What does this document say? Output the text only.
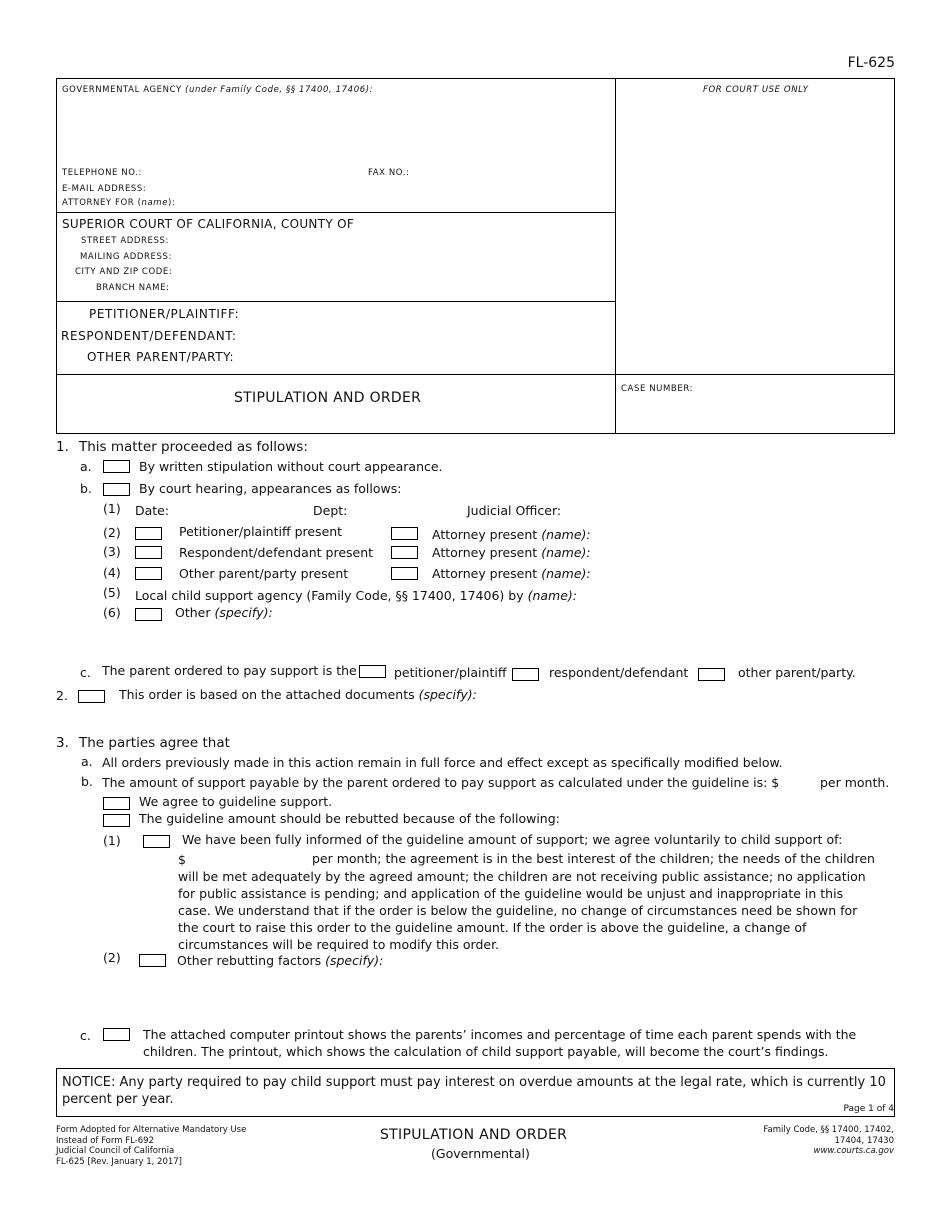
FL-625
GOVERNMENTAL AGENCY (under Family Code, §§ 17400, 17406):	FOR COURT USE ONLY
TELEPHONE NO.:	FAX NO.:
E-MAIL ADDRESS:
ATTORNEY FOR (name):
SUPERIOR COURT OF CALIFORNIA, COUNTY OF
STREET ADDRESS:
MAILING ADDRESS:
CITY AND ZIP CODE:
BRANCH NAME:
PETITIONER/PLAINTIFF:
RESPONDENT/DEFENDANT:
OTHER PARENT/PARTY:
STIPULATION AND ORDER
CASE NUMBER:
1. This matter proceeded as follows:
a.	By written stipulation without court appearance.
b.	By court hearing, appearances as follows:
(1) Date:	Dept:	Judicial Officer:
(2)	Petitioner/plaintiff present	Attorney present (name):
(3)	Respondent/defendant present	Attorney present (name):
(4)	Other parent/party present	Attorney present (name):
(5) Local child support agency (Family Code, §§ 17400, 17406) by (name):
(6)	Other (specify):
c. The parent ordered to pay support is the	petitioner/plaintiff	respondent/defendant	other parent/party.
2.	This order is based on the attached documents (specify):
3. The parties agree that
a. All orders previously made in this action remain in full force and effect except as specifically modified below.
b. The amount of support payable by the parent ordered to pay support as calculated under the guideline is: $	per month.
We agree to guideline support.
The guideline amount should be rebutted because of the following:
(1)	We have been fully informed of the guideline amount of support; we agree voluntarily to child support of:
$	per month; the agreement is in the best interest of the children; the needs of the children
will be met adequately by the agreed amount; the children are not receiving public assistance; no application for public assistance is pending; and application of the guideline would be unjust and inappropriate in this case. We understand that if the order is below the guideline, no change of circumstances need be shown for the court to raise this order to the guideline amount. If the order is above the guideline, a change of circumstances will be required to modify this order.
(2)	Other rebutting factors (specify):
c.	The attached computer printout shows the parents’ incomes and percentage of time each parent spends with the children. The printout, which shows the calculation of child support payable, will become the court’s findings.
NOTICE: Any party required to pay child support must pay interest on overdue amounts at the legal rate, which is currently 10 percent per year.
Page 1 of 4
Form Adopted for Alternative Mandatory Use
Instead of Form FL-692
Judicial Council of California
FL-625 [Rev. January 1, 2017]
STIPULATION AND ORDER
(Governmental)
Family Code, §§ 17400, 17402,
17404, 17430
www.courts.ca.gov
